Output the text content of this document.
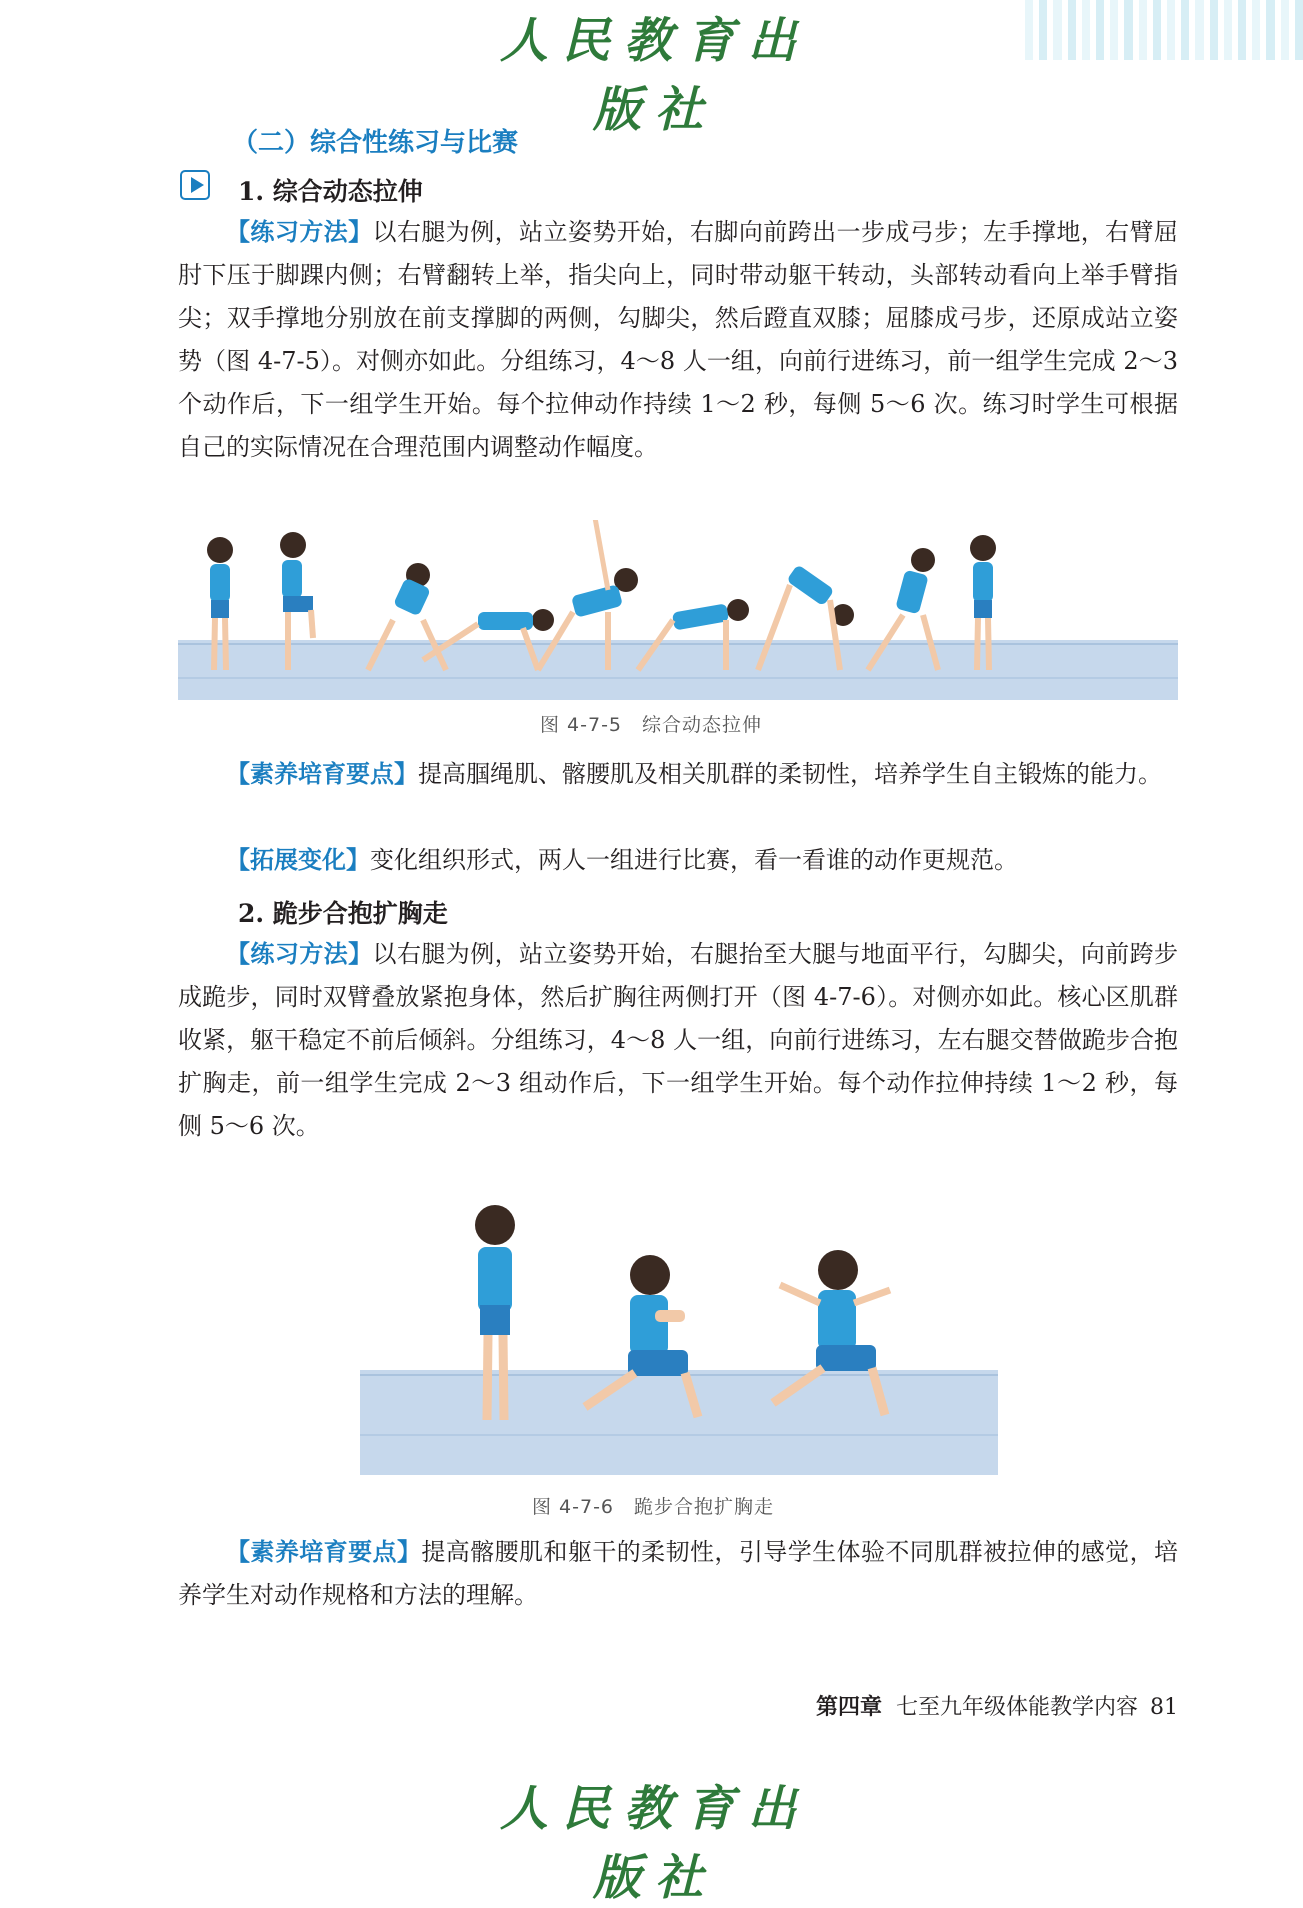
人民教育出版社
（二）综合性练习与比赛
1. 综合动态拉伸

【练习方法】以右腿为例，站立姿势开始，右脚向前跨出一步成弓步；左手撑地，右臂屈肘下压于脚踝内侧；右臂翻转上举，指尖向上，同时带动躯干转动，头部转动看向上举手臂指尖；双手撑地分别放在前支撑脚的两侧，勾脚尖，然后蹬直双膝；屈膝成弓步，还原成站立姿势（图 4-7-5）。对侧亦如此。分组练习，4～8 人一组，向前行进练习，前一组学生完成 2～3 个动作后，下一组学生开始。每个拉伸动作持续 1～2 秒，每侧 5～6 次。练习时学生可根据自己的实际情况在合理范围内调整动作幅度。

图 4-7-5　综合动态拉伸

【素养培育要点】提高腘绳肌、髂腰肌及相关肌群的柔韧性，培养学生自主锻炼的能力。

【拓展变化】变化组织形式，两人一组进行比赛，看一看谁的动作更规范。

2. 跪步合抱扩胸走

【练习方法】以右腿为例，站立姿势开始，右腿抬至大腿与地面平行，勾脚尖，向前跨步成跪步，同时双臂叠放紧抱身体，然后扩胸往两侧打开（图 4-7-6）。对侧亦如此。核心区肌群收紧，躯干稳定不前后倾斜。分组练习，4～8 人一组，向前行进练习，左右腿交替做跪步合抱扩胸走，前一组学生完成 2～3 组动作后，下一组学生开始。每个动作拉伸持续 1～2 秒，每侧 5～6 次。

图 4-7-6　跪步合抱扩胸走

【素养培育要点】提高髂腰肌和躯干的柔韧性，引导学生体验不同肌群被拉伸的感觉，培养学生对动作规格和方法的理解。

第四章 七至九年级体能教学内容 81
人民教育出版社
